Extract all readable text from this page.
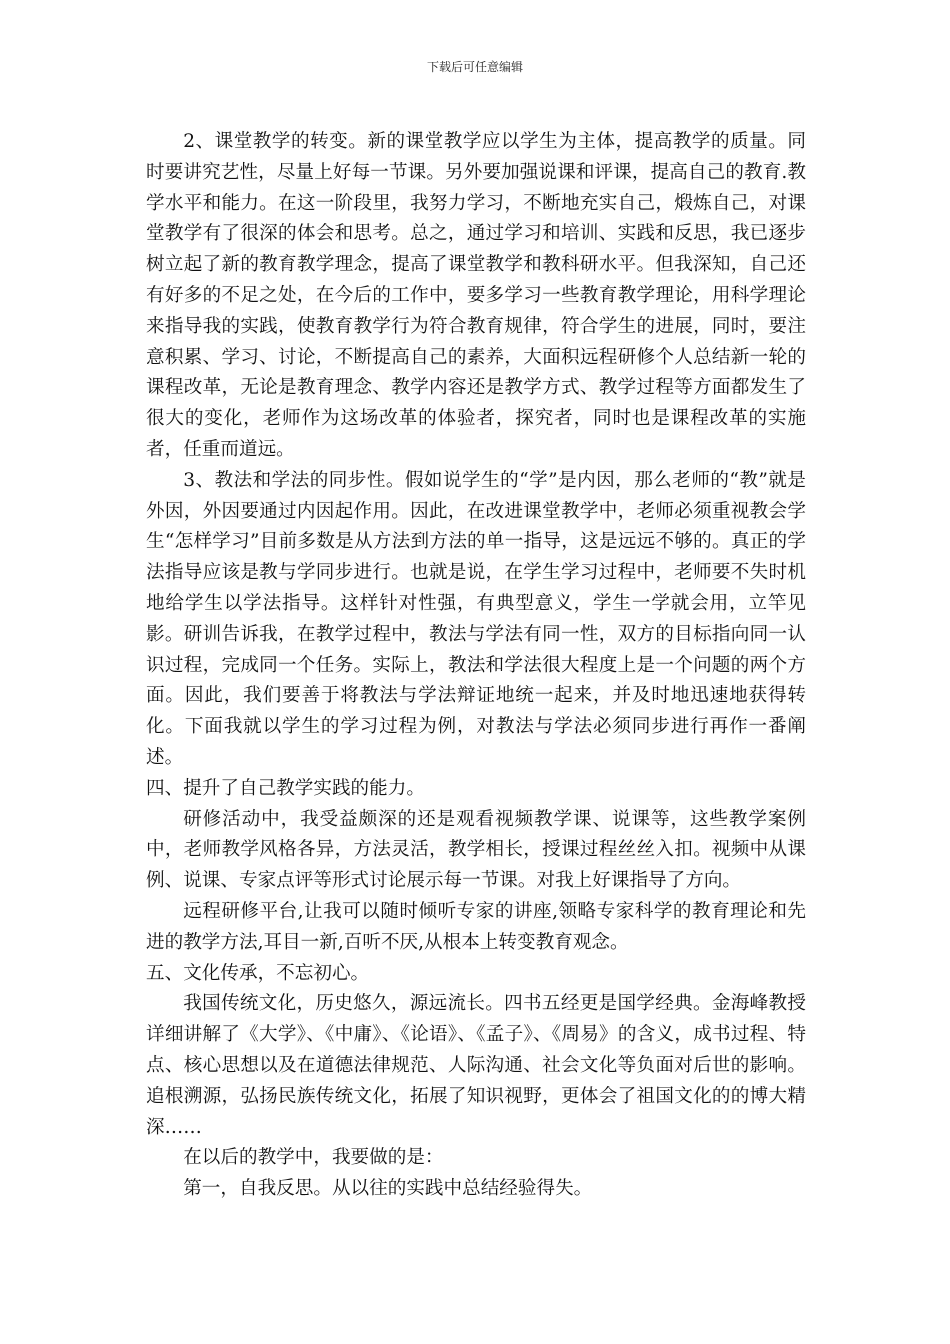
下载后可任意编辑

2、课堂教学的转变。新的课堂教学应以学生为主体，提高教学的质量。同时要讲究艺性，尽量上好每一节课。另外要加强说课和评课，提高自己的教育.教学水平和能力。在这一阶段里，我努力学习，不断地充实自己，煅炼自己，对课堂教学有了很深的体会和思考。总之，通过学习和培训、实践和反思，我已逐步树立起了新的教育教学理念，提高了课堂教学和教科研水平。但我深知，自己还有好多的不足之处，在今后的工作中，要多学习一些教育教学理论，用科学理论来指导我的实践，使教育教学行为符合教育规律，符合学生的进展，同时，要注意积累、学习、讨论，不断提高自己的素养，大面积远程研修个人总结新一轮的课程改革，无论是教育理念、教学内容还是教学方式、教学过程等方面都发生了很大的变化，老师作为这场改革的体验者，探究者，同时也是课程改革的实施者，任重而道远。

3、教法和学法的同步性。假如说学生的“学”是内因，那么老师的“教”就是外因，外因要通过内因起作用。因此，在改进课堂教学中，老师必须重视教会学生“怎样学习”目前多数是从方法到方法的单一指导，这是远远不够的。真正的学法指导应该是教与学同步进行。也就是说，在学生学习过程中，老师要不失时机地给学生以学法指导。这样针对性强，有典型意义，学生一学就会用，立竿见影。研训告诉我，在教学过程中，教法与学法有同一性，双方的目标指向同一认识过程，完成同一个任务。实际上，教法和学法很大程度上是一个问题的两个方面。因此，我们要善于将教法与学法辩证地统一起来，并及时地迅速地获得转化。下面我就以学生的学习过程为例，对教法与学法必须同步进行再作一番阐述。

四、提升了自己教学实践的能力。

研修活动中，我受益颇深的还是观看视频教学课、说课等，这些教学案例中，老师教学风格各异，方法灵活，教学相长，授课过程丝丝入扣。视频中从课例、说课、专家点评等形式讨论展示每一节课。对我上好课指导了方向。

远程研修平台,让我可以随时倾听专家的讲座,领略专家科学的教育理论和先进的教学方法,耳目一新,百听不厌,从根本上转变教育观念。

五、文化传承，不忘初心。

我国传统文化，历史悠久，源远流长。四书五经更是国学经典。金海峰教授详细讲解了《大学》、《中庸》、《论语》、《孟子》、《周易》的含义，成书过程、特点、核心思想以及在道德法律规范、人际沟通、社会文化等负面对后世的影响。追根溯源，弘扬民族传统文化，拓展了知识视野，更体会了祖国文化的的博大精深……

在以后的教学中，我要做的是：

第一，自我反思。从以往的实践中总结经验得失。
